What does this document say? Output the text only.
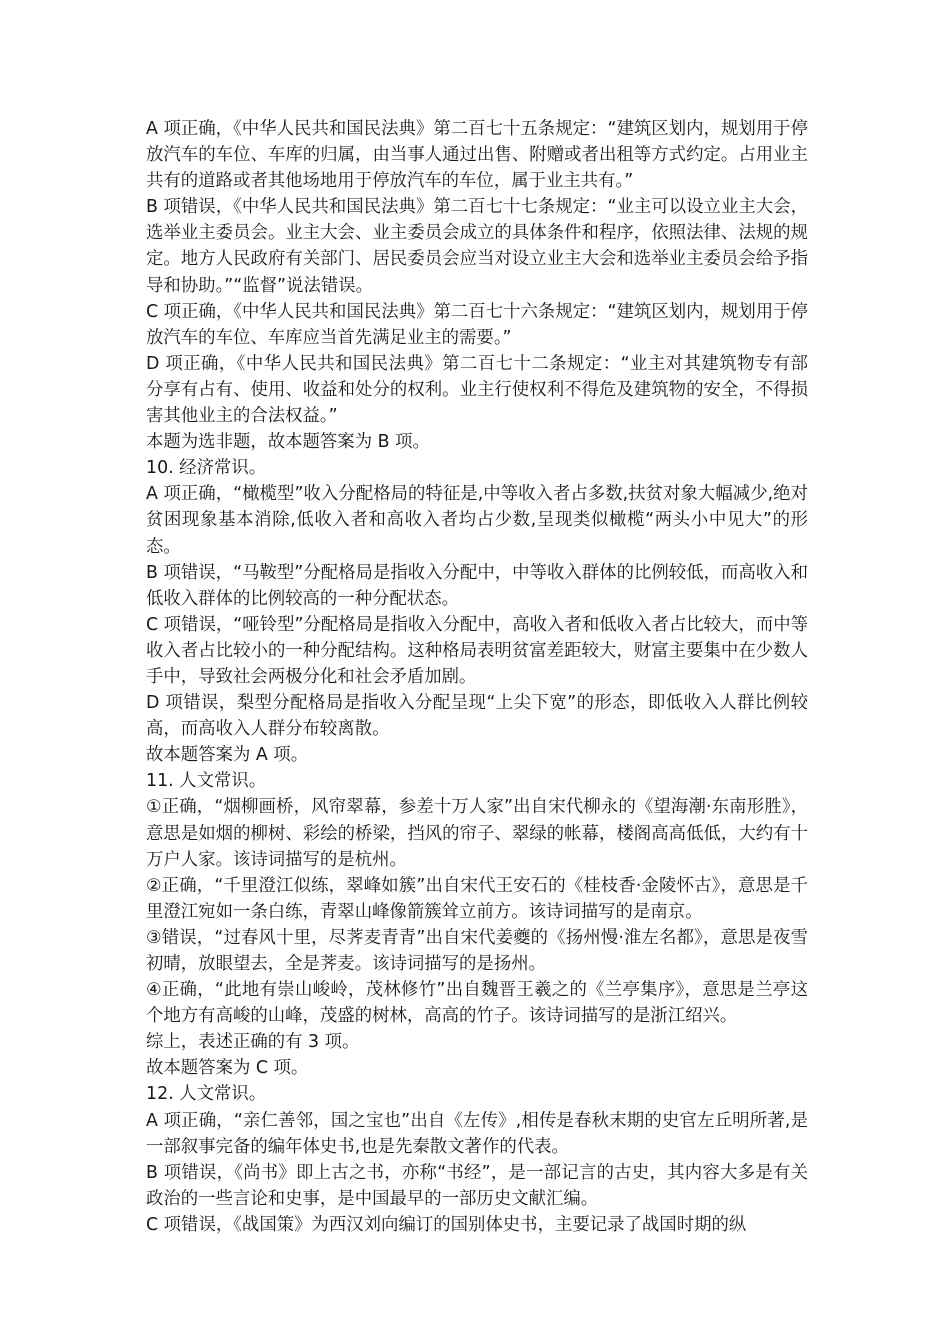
A 项正确，《中华人民共和国民法典》第二百七十五条规定：“建筑区划内，规划用于停放汽车的车位、车库的归属，由当事人通过出售、附赠或者出租等方式约定。占用业主共有的道路或者其他场地用于停放汽车的车位，属于业主共有。”

B 项错误，《中华人民共和国民法典》第二百七十七条规定：“业主可以设立业主大会，选举业主委员会。业主大会、业主委员会成立的具体条件和程序，依照法律、法规的规定。地方人民政府有关部门、居民委员会应当对设立业主大会和选举业主委员会给予指导和协助。”“监督”说法错误。

C 项正确，《中华人民共和国民法典》第二百七十六条规定：“建筑区划内，规划用于停放汽车的车位、车库应当首先满足业主的需要。”

D 项正确，《中华人民共和国民法典》第二百七十二条规定：“业主对其建筑物专有部分享有占有、使用、收益和处分的权利。业主行使权利不得危及建筑物的安全，不得损害其他业主的合法权益。”

本题为选非题，故本题答案为 B 项。

10. 经济常识。

A 项正确，“橄榄型”收入分配格局的特征是,中等收入者占多数,扶贫对象大幅减少,绝对贫困现象基本消除,低收入者和高收入者均占少数,呈现类似橄榄“两头小中见大”的形态。

B 项错误，“马鞍型”分配格局是指收入分配中，中等收入群体的比例较低，而高收入和低收入群体的比例较高的一种分配状态。

C 项错误，“哑铃型”分配格局是指收入分配中，高收入者和低收入者占比较大，而中等收入者占比较小的一种分配结构。这种格局表明贫富差距较大，财富主要集中在少数人手中，导致社会两极分化和社会矛盾加剧。

D 项错误，梨型分配格局是指收入分配呈现“上尖下宽”的形态，即低收入人群比例较高，而高收入人群分布较离散。

故本题答案为 A 项。

11. 人文常识。

①正确，“烟柳画桥，风帘翠幕，参差十万人家”出自宋代柳永的《望海潮·东南形胜》，意思是如烟的柳树、彩绘的桥梁，挡风的帘子、翠绿的帐幕，楼阁高高低低，大约有十万户人家。该诗词描写的是杭州。

②正确，“千里澄江似练，翠峰如簇”出自宋代王安石的《桂枝香·金陵怀古》，意思是千里澄江宛如一条白练，青翠山峰像箭簇耸立前方。该诗词描写的是南京。

③错误，“过春风十里，尽荠麦青青”出自宋代姜夔的《扬州慢·淮左名都》，意思是夜雪初晴，放眼望去，全是荠麦。该诗词描写的是扬州。

④正确，“此地有崇山峻岭，茂林修竹”出自魏晋王羲之的《兰亭集序》，意思是兰亭这个地方有高峻的山峰，茂盛的树林，高高的竹子。该诗词描写的是浙江绍兴。

综上，表述正确的有 3 项。

故本题答案为 C 项。

12. 人文常识。

A 项正确，“亲仁善邻，国之宝也”出自《左传》,相传是春秋末期的史官左丘明所著,是一部叙事完备的编年体史书,也是先秦散文著作的代表。

B 项错误，《尚书》即上古之书，亦称“书经”，是一部记言的古史，其内容大多是有关政治的一些言论和史事，是中国最早的一部历史文献汇编。

C 项错误，《战国策》为西汉刘向编订的国别体史书，主要记录了战国时期的纵
